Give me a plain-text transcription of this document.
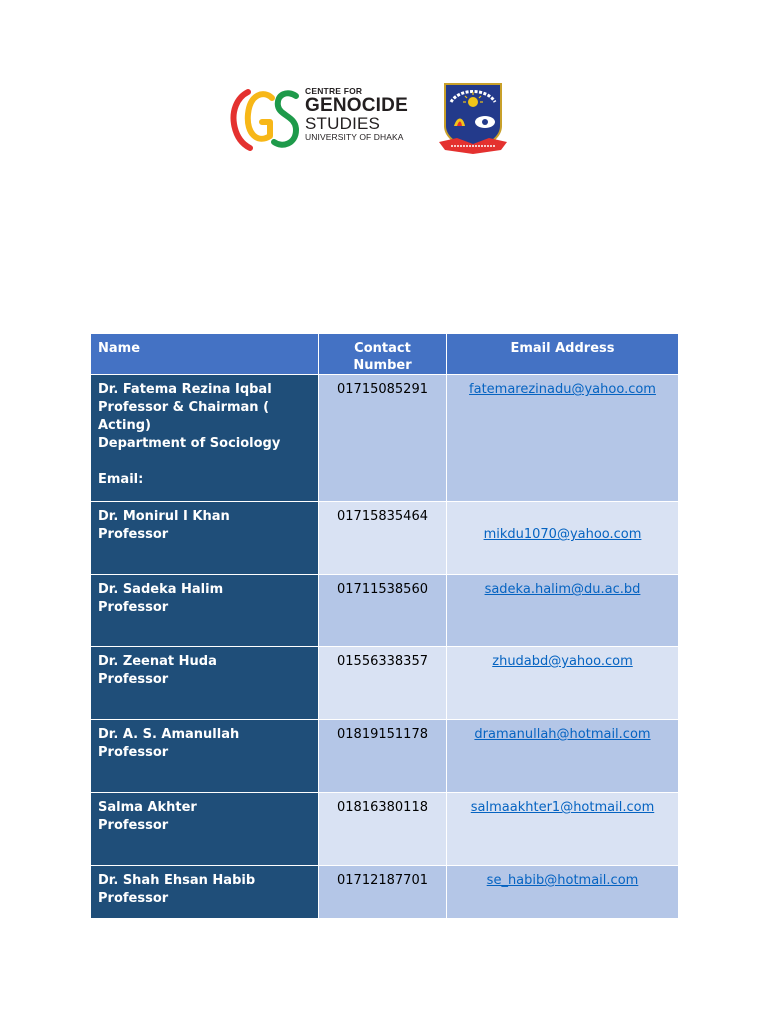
CENTRE FOR
GENOCIDE
STUDIES
UNIVERSITY OF DHAKA
Name	Contact Number	Email Address

Dr. Fatema Rezina Iqbal
Professor & Chairman ( Acting)
Department of Sociology
Email:	01715085291	fatemarezinadu@yahoo.com

Dr. Monirul I Khan
Professor	01715835464	mikdu1070@yahoo.com

Dr. Sadeka Halim
Professor	01711538560	sadeka.halim@du.ac.bd

Dr. Zeenat Huda
Professor	01556338357	zhudabd@yahoo.com

Dr. A. S. Amanullah
Professor	01819151178	dramanullah@hotmail.com

Salma Akhter
Professor	01816380118	salmaakhter1@hotmail.com

Dr. Shah Ehsan Habib
Professor	01712187701	se_habib@hotmail.com
